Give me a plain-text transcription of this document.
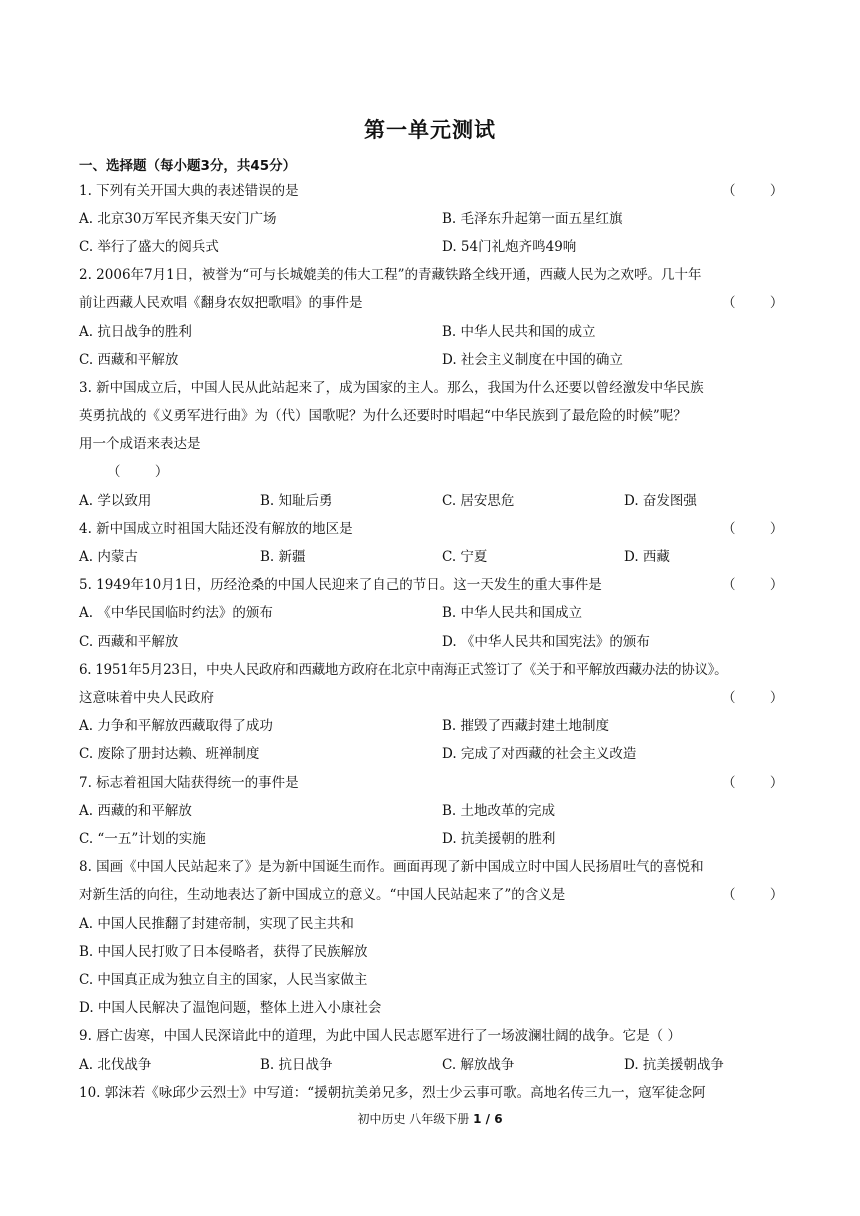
第一单元测试
一、选择题（每小题3分，共45分）
1. 下列有关开国大典的表述错误的是	（        ）
A. 北京30万军民齐集天安门广场	B. 毛泽东升起第一面五星红旗
C. 举行了盛大的阅兵式	D. 54门礼炮齐鸣49响
2. 2006年7月1日，被誉为“可与长城媲美的伟大工程”的青藏铁路全线开通，西藏人民为之欢呼。几十年
前让西藏人民欢唱《翻身农奴把歌唱》的事件是	（        ）
A. 抗日战争的胜利	B. 中华人民共和国的成立
C. 西藏和平解放	D. 社会主义制度在中国的确立
3. 新中国成立后，中国人民从此站起来了，成为国家的主人。那么，我国为什么还要以曾经激发中华民族
英勇抗战的《义勇军进行曲》为（代）国歌呢？为什么还要时时唱起“中华民族到了最危险的时候”呢？
用一个成语来表达是
（        ）
A. 学以致用	B. 知耻后勇	C. 居安思危	D. 奋发图强
4. 新中国成立时祖国大陆还没有解放的地区是	（        ）
A. 内蒙古	B. 新疆	C. 宁夏	D. 西藏
5. 1949年10月1日，历经沧桑的中国人民迎来了自己的节日。这一天发生的重大事件是	（        ）
A. 《中华民国临时约法》的颁布	B. 中华人民共和国成立
C. 西藏和平解放	D. 《中华人民共和国宪法》的颁布
6. 1951年5月23日，中央人民政府和西藏地方政府在北京中南海正式签订了《关于和平解放西藏办法的协议》。
这意味着中央人民政府	（        ）
A. 力争和平解放西藏取得了成功	B. 摧毁了西藏封建土地制度
C. 废除了册封达赖、班禅制度	D. 完成了对西藏的社会主义改造
7. 标志着祖国大陆获得统一的事件是	（        ）
A. 西藏的和平解放	B. 土地改革的完成
C. “一五”计划的实施	D. 抗美援朝的胜利
8. 国画《中国人民站起来了》是为新中国诞生而作。画面再现了新中国成立时中国人民扬眉吐气的喜悦和
对新生活的向往，生动地表达了新中国成立的意义。“中国人民站起来了”的含义是	（        ）
A. 中国人民推翻了封建帝制，实现了民主共和
B. 中国人民打败了日本侵略者，获得了民族解放
C. 中国真正成为独立自主的国家，人民当家做主
D. 中国人民解决了温饱问题，整体上进入小康社会
9. 唇亡齿寒，中国人民深谙此中的道理，为此中国人民志愿军进行了一场波澜壮阔的战争。它是（ ）
A. 北伐战争	B. 抗日战争	C. 解放战争	D. 抗美援朝战争
10. 郭沫若《咏邱少云烈士》中写道：“援朝抗美弟兄多，烈士少云事可歌。高地名传三九一，寇军徒念阿
初中历史 八年级下册 1 / 6
